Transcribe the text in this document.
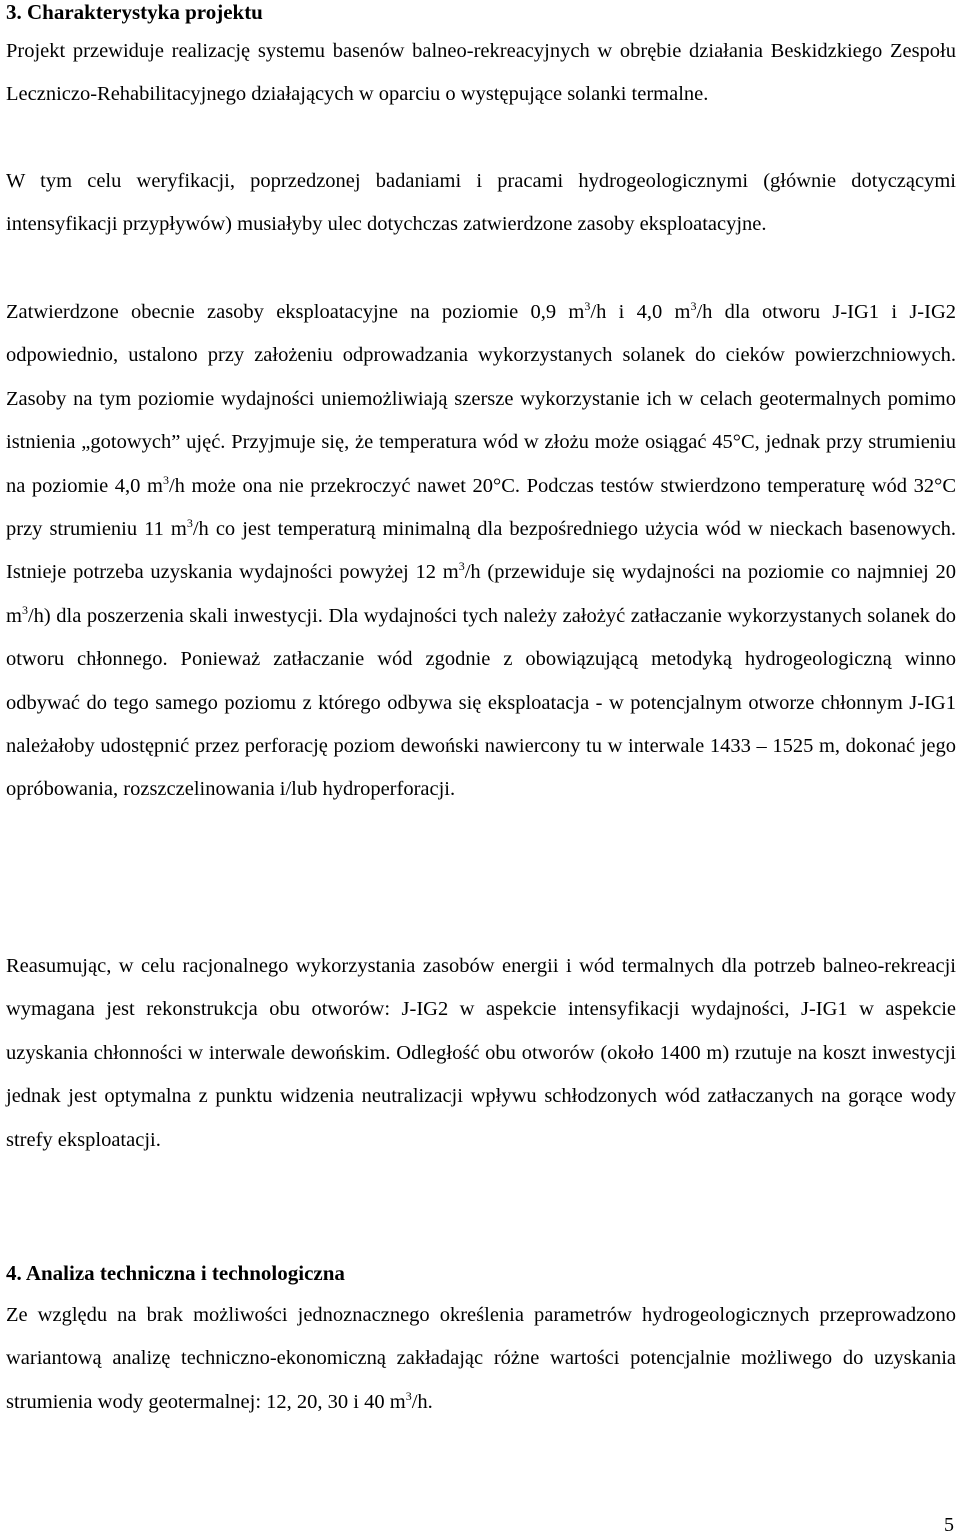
3. Charakterystyka projektu

Projekt przewiduje realizację systemu basenów balneo-rekreacyjnych w obrębie działania Beskidzkiego Zespołu Leczniczo-Rehabilitacyjnego działających w oparciu o występujące solanki termalne.

W tym celu weryfikacji, poprzedzonej badaniami i pracami hydrogeologicznymi (głównie dotyczącymi intensyfikacji przypływów) musiałyby ulec dotychczas zatwierdzone zasoby eksploatacyjne.

Zatwierdzone obecnie zasoby eksploatacyjne na poziomie 0,9 $m^3/h$ i 4,0 $m^3/h$ dla otworu J-IG1 i J-IG2 odpowiednio, ustalono przy założeniu odprowadzania wykorzystanych solanek do cieków powierzchniowych. Zasoby na tym poziomie wydajności uniemożliwiają szersze wykorzystanie ich w celach geotermalnych pomimo istnienia „gotowych” ujęć. Przyjmuje się, że temperatura wód w złożu może osiągać 45°C, jednak przy strumieniu na poziomie 4,0 $m^3/h$ może ona nie przekroczyć nawet 20°C. Podczas testów stwierdzono temperaturę wód 32°C przy strumieniu 11 $m^3/h$ co jest temperaturą minimalną dla bezpośredniego użycia wód w nieckach basenowych. Istnieje potrzeba uzyskania wydajności powyżej 12 $m^3/h$ (przewiduje się wydajności na poziomie co najmniej 20 $m^3/h$) dla poszerzenia skali inwestycji. Dla wydajności tych należy założyć zatłaczanie wykorzystanych solanek do otworu chłonnego. Ponieważ zatłaczanie wód zgodnie z obowiązującą metodyką hydrogeologiczną winno odbywać do tego samego poziomu z którego odbywa się eksploatacja - w potencjalnym otworze chłonnym J-IG1 należałoby udostępnić przez perforację poziom dewoński nawiercony tu w interwale 1433 – 1525 m, dokonać jego opróbowania, rozszczelinowania i/lub hydroperforacji.

Reasumując, w celu racjonalnego wykorzystania zasobów energii i wód termalnych dla potrzeb balneo-rekreacji wymagana jest rekonstrukcja obu otworów: J-IG2 w aspekcie intensyfikacji wydajności, J-IG1 w aspekcie uzyskania chłonności w interwale dewońskim. Odległość obu otworów (około 1400 m) rzutuje na koszt inwestycji jednak jest optymalna z punktu widzenia neutralizacji wpływu schłodzonych wód zatłaczanych na gorące wody strefy eksploatacji.

4. Analiza techniczna i technologiczna

Ze względu na brak możliwości jednoznacznego określenia parametrów hydrogeologicznych przeprowadzono wariantową analizę techniczno-ekonomiczną zakładając różne wartości potencjalnie możliwego do uzyskania strumienia wody geotermalnej: 12, 20, 30 i 40 $m^3/h$.

5
